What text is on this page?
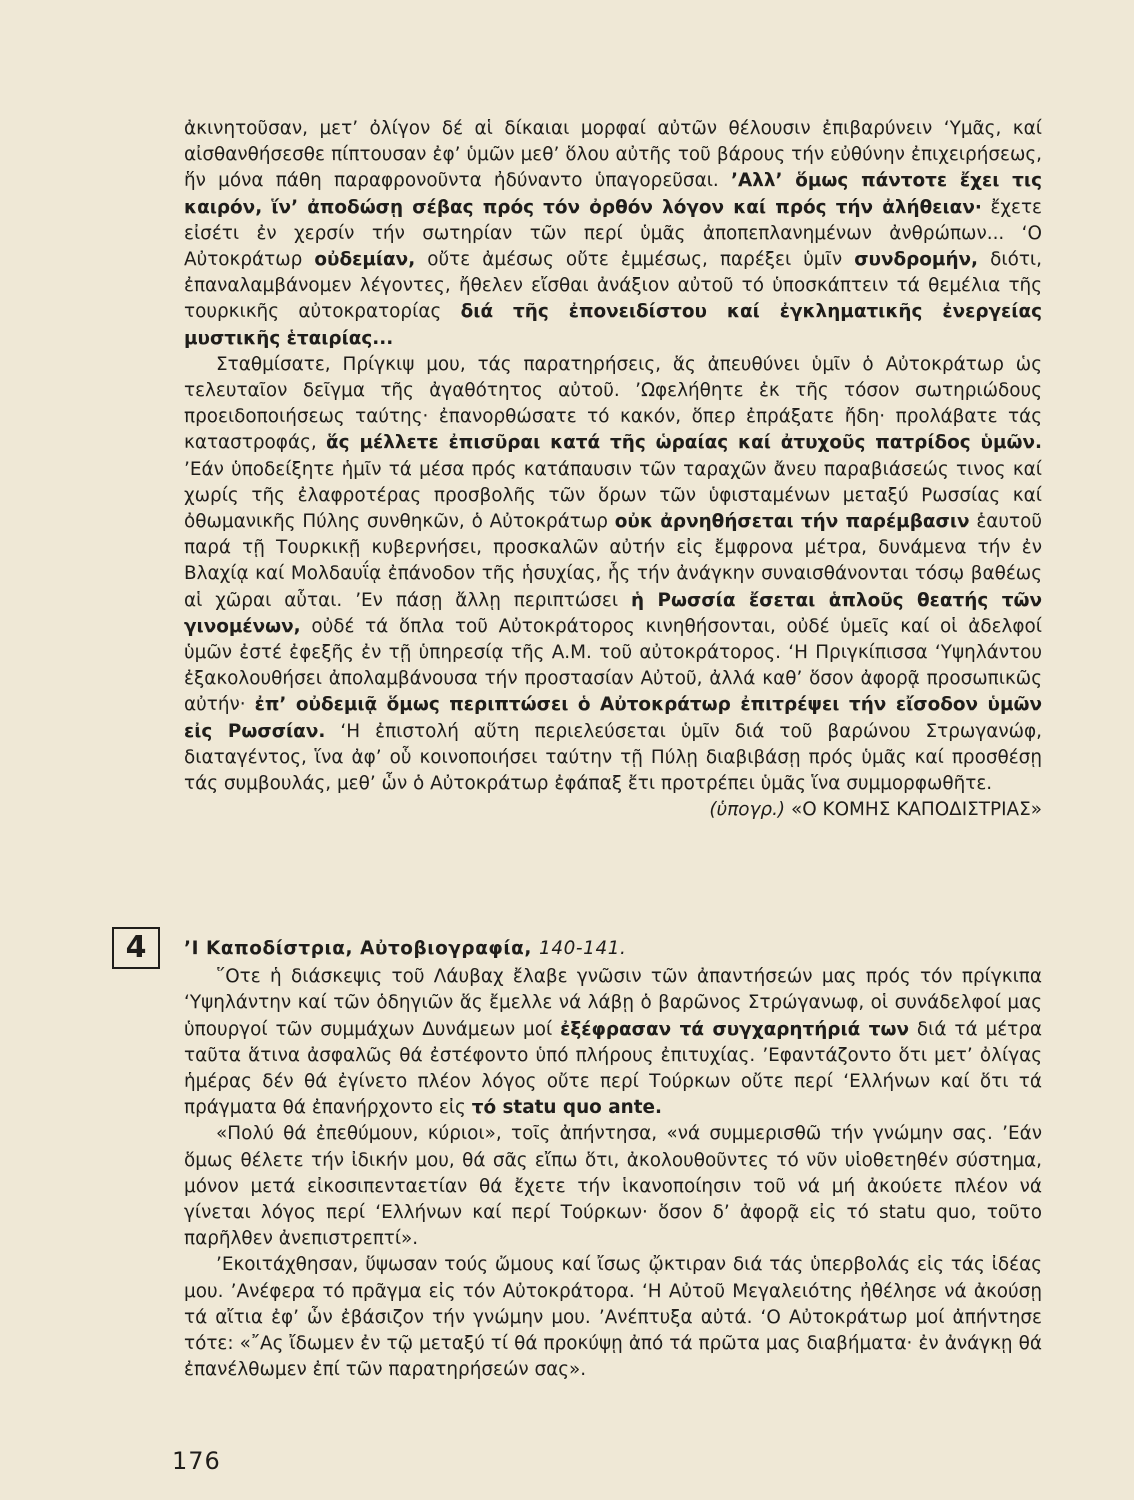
ἀκινητοῦσαν, μετ’ ὀλίγον δέ αἱ δίκαιαι μορφαί αὐτῶν θέλουσιν ἐπιβαρύνειν ‘Υμᾶς, καί αἰσθανθήσεσθε πίπτουσαν ἐφ’ ὑμῶν μεθ’ ὅλου αὐτῆς τοῦ βάρους τήν εὐθύνην ἐπιχειρήσεως, ἥν μόνα πάθη παραφρονοῦντα ἠδύναντο ὑπαγορεῦσαι. ’Αλλ’ ὅμως πάντοτε ἔχει τις καιρόν, ἵν’ ἀποδώσῃ σέβας πρός τόν ὀρθόν λόγον καί πρός τήν ἀλήθειαν· ἔχετε εἰσέτι ἐν χερσίν τήν σωτηρίαν τῶν περί ὑμᾶς ἀποπεπλανημένων ἀνθρώπων... ‘Ο Αὐτοκράτωρ οὐδεμίαν, οὔτε ἀμέσως οὔτε ἐμμέσως, παρέξει ὑμῖν συνδρομήν, διότι, ἐπαναλαμβάνομεν λέγοντες, ἤθελεν εἴσθαι ἀνάξιον αὐτοῦ τό ὑποσκάπτειν τά θεμέλια τῆς τουρκικῆς αὐτοκρατορίας διά τῆς ἐπονειδίστου καί ἐγκληματικῆς ἐνεργείας μυστικῆς ἑταιρίας...

Σταθμίσατε, Πρίγκιψ μου, τάς παρατηρήσεις, ἅς ἀπευθύνει ὑμῖν ὁ Αὐτοκράτωρ ὡς τελευταῖον δεῖγμα τῆς ἀγαθότητος αὐτοῦ. ’Ωφελήθητε ἐκ τῆς τόσον σωτηριώδους προειδοποιήσεως ταύτης· ἐπανορθώσατε τό κακόν, ὅπερ ἐπράξατε ἤδη· προλάβατε τάς καταστροφάς, ἅς μέλλετε ἐπισῦραι κατά τῆς ὡραίας καί ἀτυχοῦς πατρίδος ὑμῶν. ’Εάν ὑποδείξητε ἡμῖν τά μέσα πρός κατάπαυσιν τῶν ταραχῶν ἄνευ παραβιάσεώς τινος καί χωρίς τῆς ἐλαφροτέρας προσβολῆς τῶν ὅρων τῶν ὑφισταμένων μεταξύ Ρωσσίας καί ὀθωμανικῆς Πύλης συνθηκῶν, ὁ Αὐτοκράτωρ οὐκ ἀρνηθήσεται τήν παρέμβασιν ἑαυτοῦ παρά τῇ Τουρκικῇ κυβερνήσει, προσκαλῶν αὐτήν εἰς ἔμφρονα μέτρα, δυνάμενα τήν ἐν Βλαχίᾳ καί Μολδαυΐᾳ ἐπάνοδον τῆς ἡσυχίας, ἧς τήν ἀνάγκην συναισθάνονται τόσῳ βαθέως αἱ χῶραι αὗται. ’Εν πάσῃ ἄλλῃ περιπτώσει ἡ Ρωσσία ἔσεται ἁπλοῦς θεατής τῶν γινομένων, οὐδέ τά ὅπλα τοῦ Αὐτοκράτορος κινηθήσονται, οὐδέ ὑμεῖς καί οἱ ἀδελφοί ὑμῶν ἐστέ ἐφεξῆς ἐν τῇ ὑπηρεσίᾳ τῆς Α.Μ. τοῦ αὐτοκράτορος. ‘Η Πριγκίπισσα ‘Υψηλάντου ἐξακολουθήσει ἀπολαμβάνουσα τήν προστασίαν Αὐτοῦ, ἀλλά καθ’ ὅσον ἀφορᾷ προσωπικῶς αὐτήν· ἐπ’ οὐδεμιᾷ ὅμως περιπτώσει ὁ Αὐτοκράτωρ ἐπιτρέψει τήν εἴσοδον ὑμῶν εἰς Ρωσσίαν. ‘Η ἐπιστολή αὕτη περιελεύσεται ὑμῖν διά τοῦ βαρώνου Στρωγανώφ, διαταγέντος, ἵνα ἀφ’ οὗ κοινοποιήσει ταύτην τῇ Πύλῃ διαβιβάσῃ πρός ὑμᾶς καί προσθέσῃ τάς συμβουλάς, μεθ’ ὧν ὁ Αὐτοκράτωρ ἐφάπαξ ἔτι προτρέπει ὑμᾶς ἵνα συμμορφωθῆτε.

(ὑπογρ.) «Ο ΚΟΜΗΣ ΚΑΠΟΔΙΣΤΡΙΑΣ»

4	’Ι Καποδίστρια, Αὐτοβιογραφία, 140-141.

῞Οτε ἡ διάσκεψις τοῦ Λάυβαχ ἔλαβε γνῶσιν τῶν ἀπαντήσεών μας πρός τόν πρίγκιπα ‘Υψηλάντην καί τῶν ὁδηγιῶν ἅς ἔμελλε νά λάβῃ ὁ βαρῶνος Στρώγανωφ, οἱ συνάδελφοί μας ὑπουργοί τῶν συμμάχων Δυνάμεων μοί ἐξέφρασαν τά συγχαρητήριά των διά τά μέτρα ταῦτα ἅτινα ἀσφαλῶς θά ἐστέφοντο ὑπό πλήρους ἐπιτυχίας. ’Εφαντάζοντο ὅτι μετ’ ὀλίγας ἡμέρας δέν θά ἐγίνετο πλέον λόγος οὔτε περί Τούρκων οὔτε περί ‘Ελλήνων καί ὅτι τά πράγματα θά ἐπανήρχοντο εἰς τό statu quo ante.

«Πολύ θά ἐπεθύμουν, κύριοι», τοῖς ἀπήντησα, «νά συμμερισθῶ τήν γνώμην σας. ’Εάν ὅμως θέλετε τήν ἰδικήν μου, θά σᾶς εἴπω ὅτι, ἀκολουθοῦντες τό νῦν υἱοθετηθέν σύστημα, μόνον μετά εἰκοσιπενταετίαν θά ἔχετε τήν ἱκανοποίησιν τοῦ νά μή ἀκούετε πλέον νά γίνεται λόγος περί ‘Ελλήνων καί περί Τούρκων· ὅσον δ’ ἀφορᾷ εἰς τό statu quo, τοῦτο παρῆλθεν ἀνεπιστρεπτί».

’Εκοιτάχθησαν, ὕψωσαν τούς ὤμους καί ἴσως ᾤκτιραν διά τάς ὑπερβολάς εἰς τάς ἰδέας μου. ’Ανέφερα τό πρᾶγμα εἰς τόν Αὐτοκράτορα. ‘Η Αὐτοῦ Μεγαλειότης ἠθέλησε νά ἀκούσῃ τά αἴτια ἐφ’ ὧν ἐβάσιζον τήν γνώμην μου. ’Ανέπτυξα αὐτά. ‘Ο Αὐτοκράτωρ μοί ἀπήντησε τότε: «῎Ας ἴδωμεν ἐν τῷ μεταξύ τί θά προκύψῃ ἀπό τά πρῶτα μας διαβήματα· ἐν ἀνάγκῃ θά ἐπανέλθωμεν ἐπί τῶν παρατηρήσεών σας».

176
